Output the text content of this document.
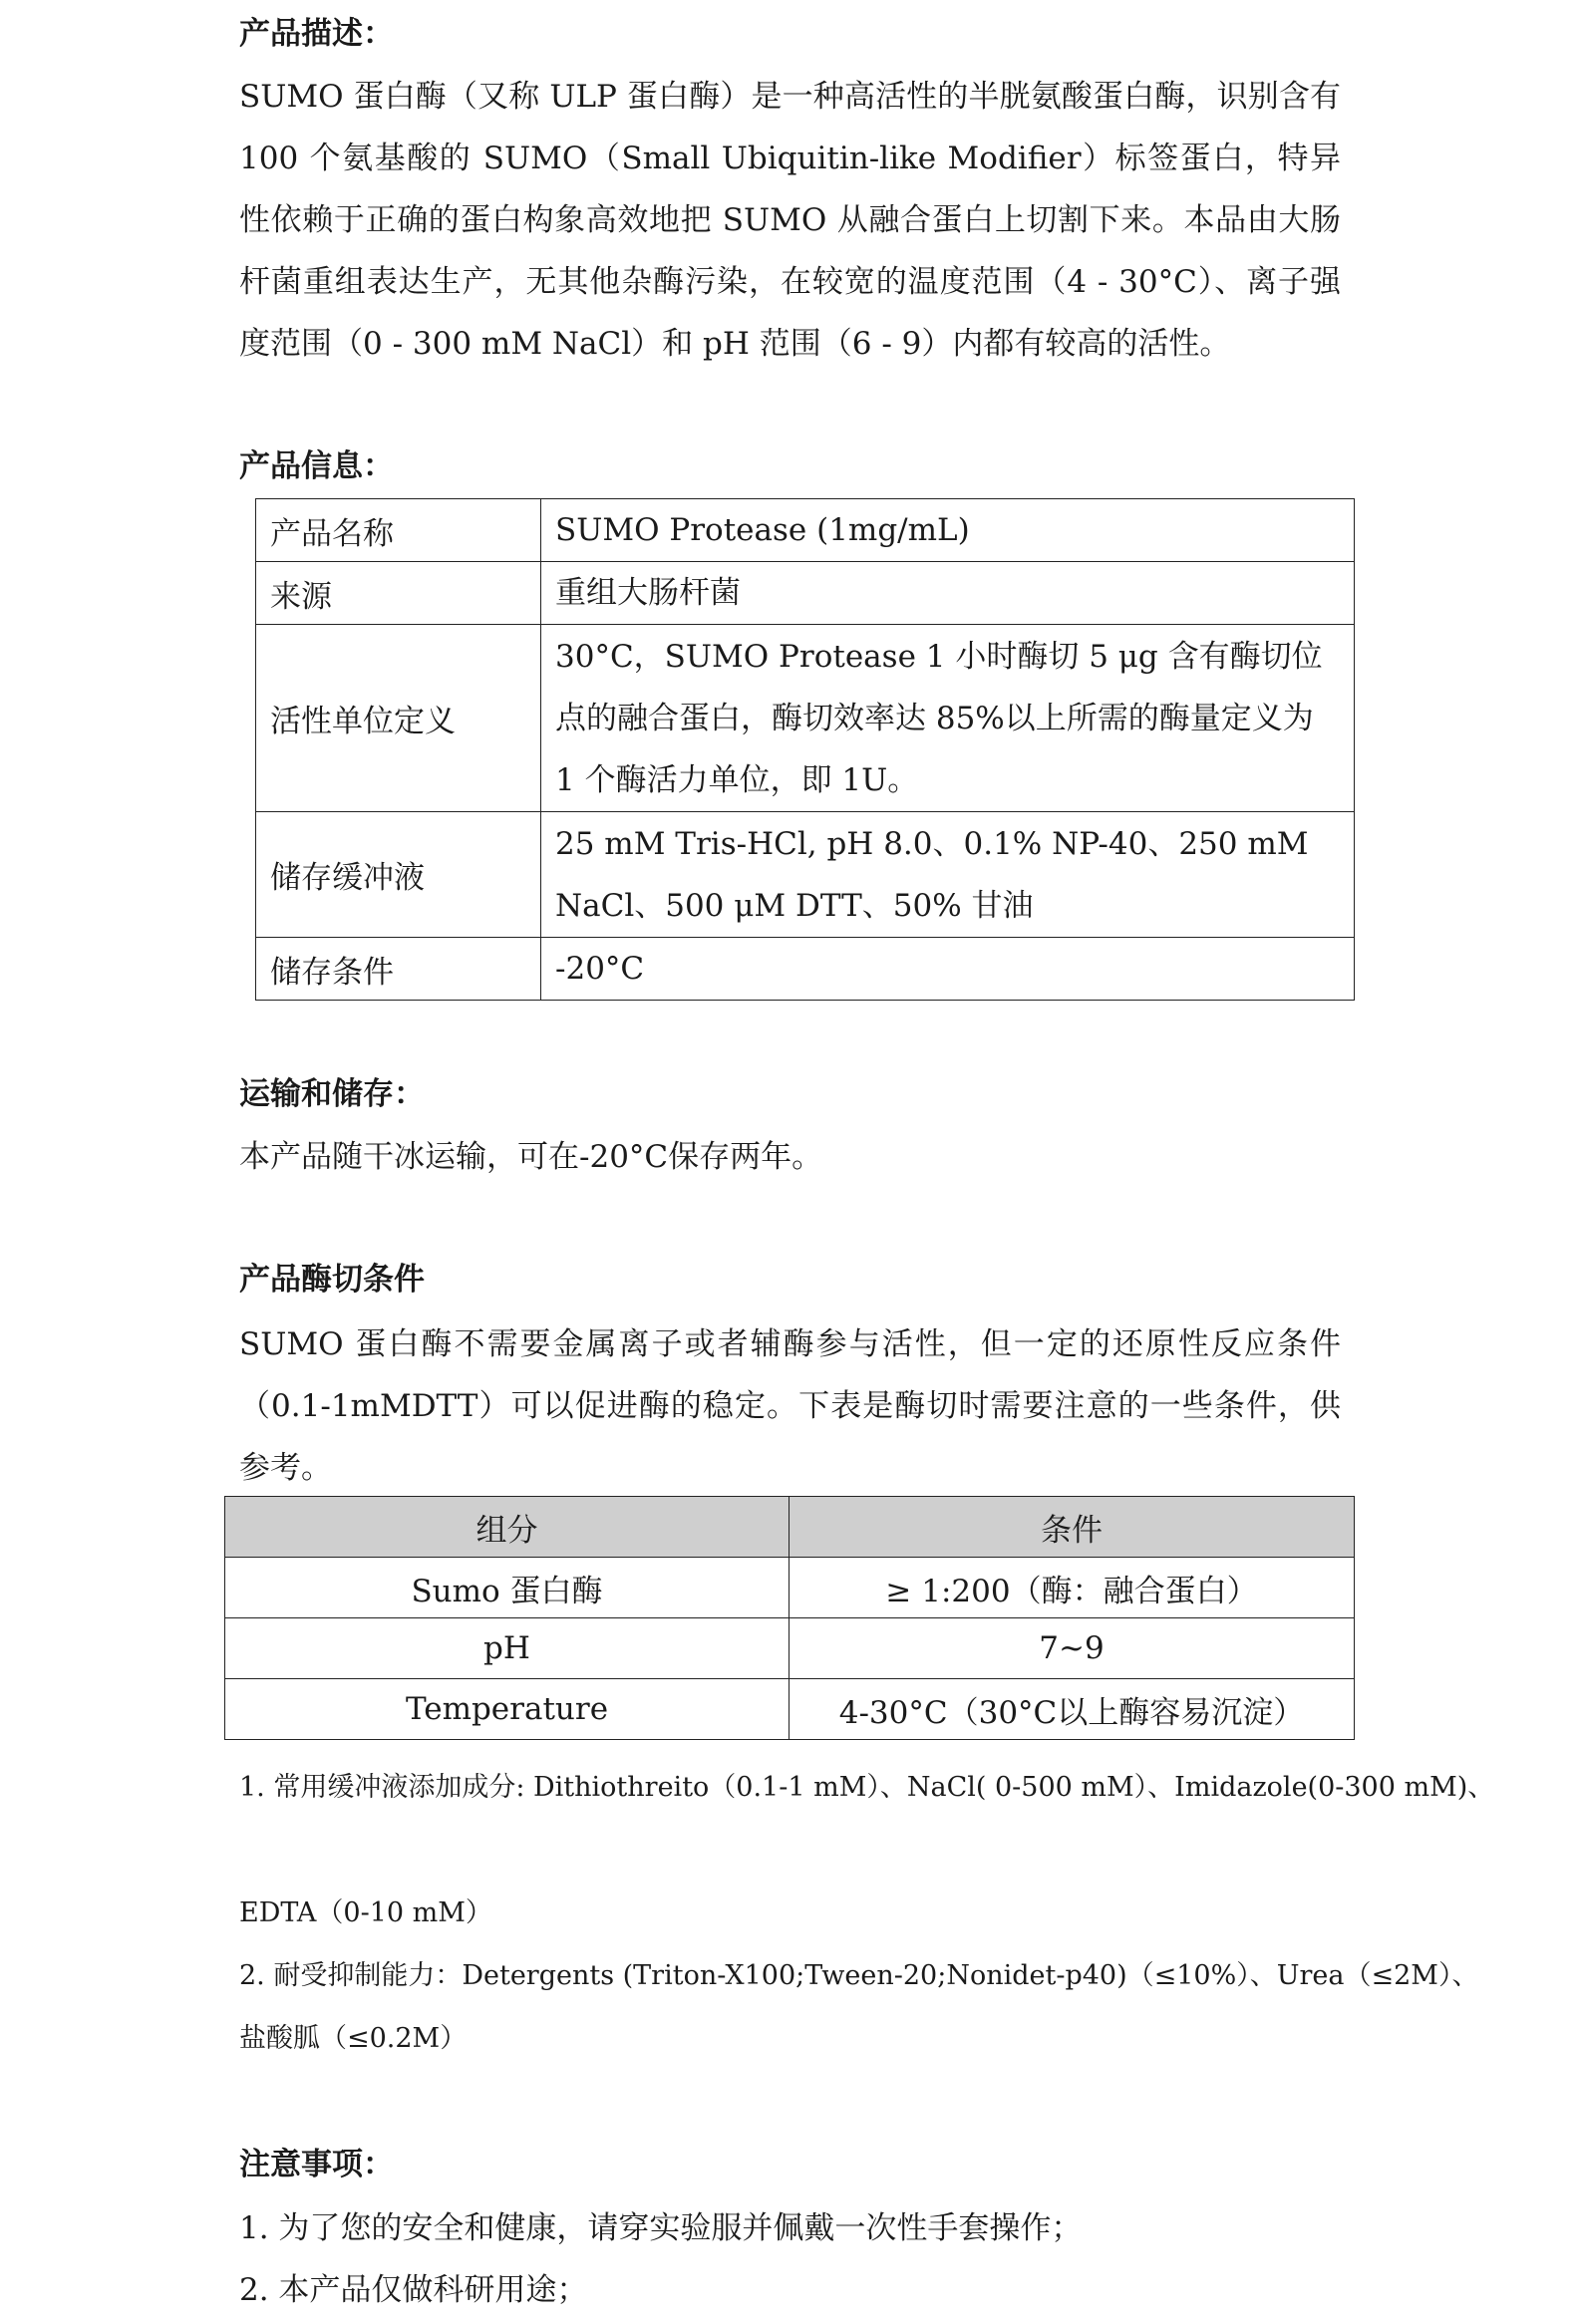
产品描述：
SUMO 蛋白酶（又称 ULP 蛋白酶）是一种高活性的半胱氨酸蛋白酶，识别含有 100 个氨基酸的 SUMO（Small Ubiquitin-like Modifier）标签蛋白，特异性依赖于正确的蛋白构象高效地把 SUMO 从融合蛋白上切割下来。本品由大肠杆菌重组表达生产，无其他杂酶污染，在较宽的温度范围（4 - 30°C）、离子强度范围（0 - 300 mM NaCl）和 pH 范围（6 - 9）内都有较高的活性。
产品信息：
产品名称	SUMO Protease (1mg/mL)
来源	重组大肠杆菌
活性单位定义	30°C，SUMO Protease 1 小时酶切 5 μg 含有酶切位点的融合蛋白，酶切效率达 85%以上所需的酶量定义为 1 个酶活力单位，即 1U。
储存缓冲液	25 mM Tris-HCl, pH 8.0、0.1% NP-40、250 mM NaCl、500 μM DTT、50% 甘油
储存条件	-20°C
运输和储存：
本产品随干冰运输，可在-20°C保存两年。
产品酶切条件
SUMO 蛋白酶不需要金属离子或者辅酶参与活性，但一定的还原性反应条件（0.1-1mMDTT）可以促进酶的稳定。下表是酶切时需要注意的一些条件，供参考。
组分	条件
Sumo 蛋白酶	≥ 1:200（酶：融合蛋白）
pH	7~9
Temperature	4-30°C（30°C以上酶容易沉淀）
1. 常用缓冲液添加成分: Dithiothreito（0.1-1 mM）、NaCl( 0-500 mM）、Imidazole(0-300 mM)、
EDTA（0-10 mM）
2. 耐受抑制能力：Detergents (Triton-X100;Tween-20;Nonidet-p40)（≤10%）、Urea（≤2M）、
盐酸胍（≤0.2M）
注意事项：
1. 为了您的安全和健康，请穿实验服并佩戴一次性手套操作；
2. 本产品仅做科研用途；
